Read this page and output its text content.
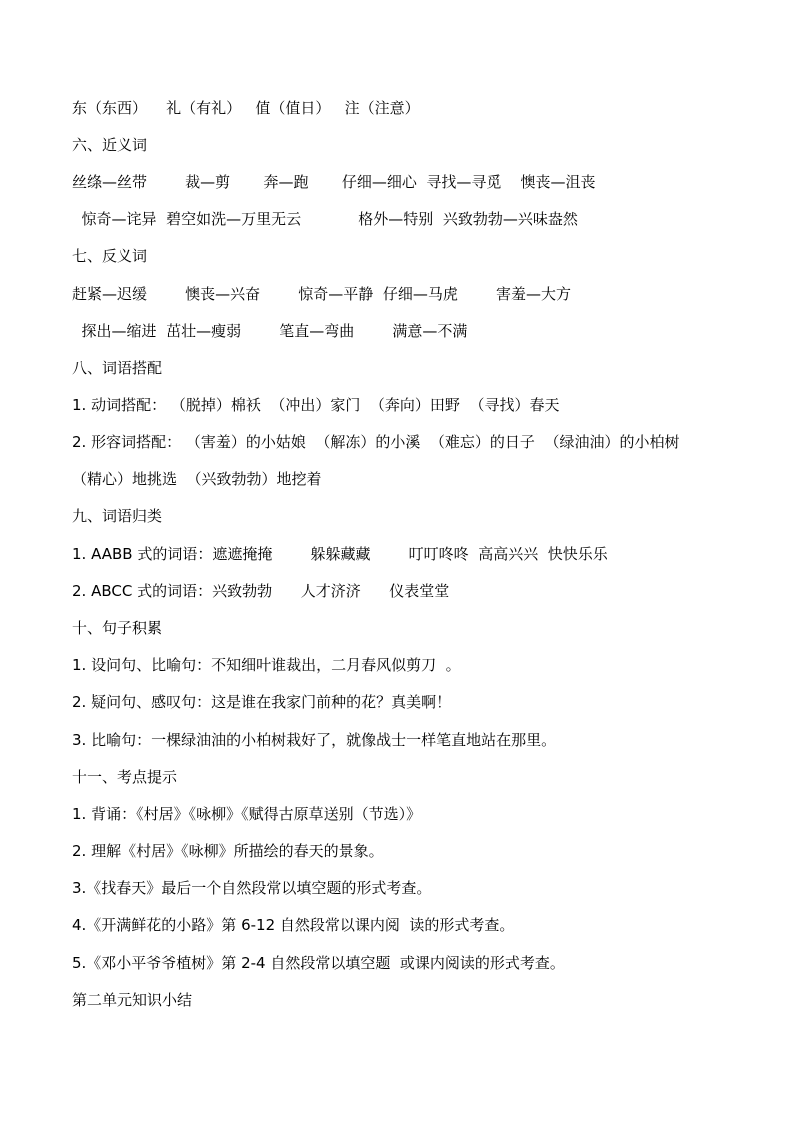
东（东西）    礼（有礼）   值（值日）   注（注意）
六、近义词
丝绦—丝带        裁—剪       奔—跑       仔细—细心  寻找—寻觅    懊丧—沮丧
惊奇—诧异  碧空如洗—万里无云            格外—特别  兴致勃勃—兴味盎然
七、反义词
赶紧—迟缓        懊丧—兴奋        惊奇—平静  仔细—马虎        害羞—大方
探出—缩进  茁壮—瘦弱        笔直—弯曲        满意—不满
八、词语搭配
1. 动词搭配： （脱掉）棉袄  （冲出）家门  （奔向）田野  （寻找）春天
2. 形容词搭配： （害羞）的小姑娘  （解冻）的小溪  （难忘）的日子  （绿油油）的小柏树
（精心）地挑选  （兴致勃勃）地挖着
九、词语归类
1. AABB 式的词语：遮遮掩掩        躲躲藏藏        叮叮咚咚  高高兴兴  快快乐乐
2. ABCC 式的词语：兴致勃勃      人才济济      仪表堂堂
十、句子积累
1. 设问句、比喻句：不知细叶谁裁出，二月春风似剪刀  。
2. 疑问句、感叹句：这是谁在我家门前种的花？真美啊！
3. 比喻句：一棵绿油油的小柏树栽好了，就像战士一样笔直地站在那里。
十一、考点提示
1. 背诵：《村居》《咏柳》《赋得古原草送别（节选）》
2. 理解《村居》《咏柳》所描绘的春天的景象。
3.《找春天》最后一个自然段常以填空题的形式考查。
4.《开满鲜花的小路》第 6-12 自然段常以课内阅  读的形式考查。
5.《邓小平爷爷植树》第 2-4 自然段常以填空题  或课内阅读的形式考查。
第二单元知识小结
